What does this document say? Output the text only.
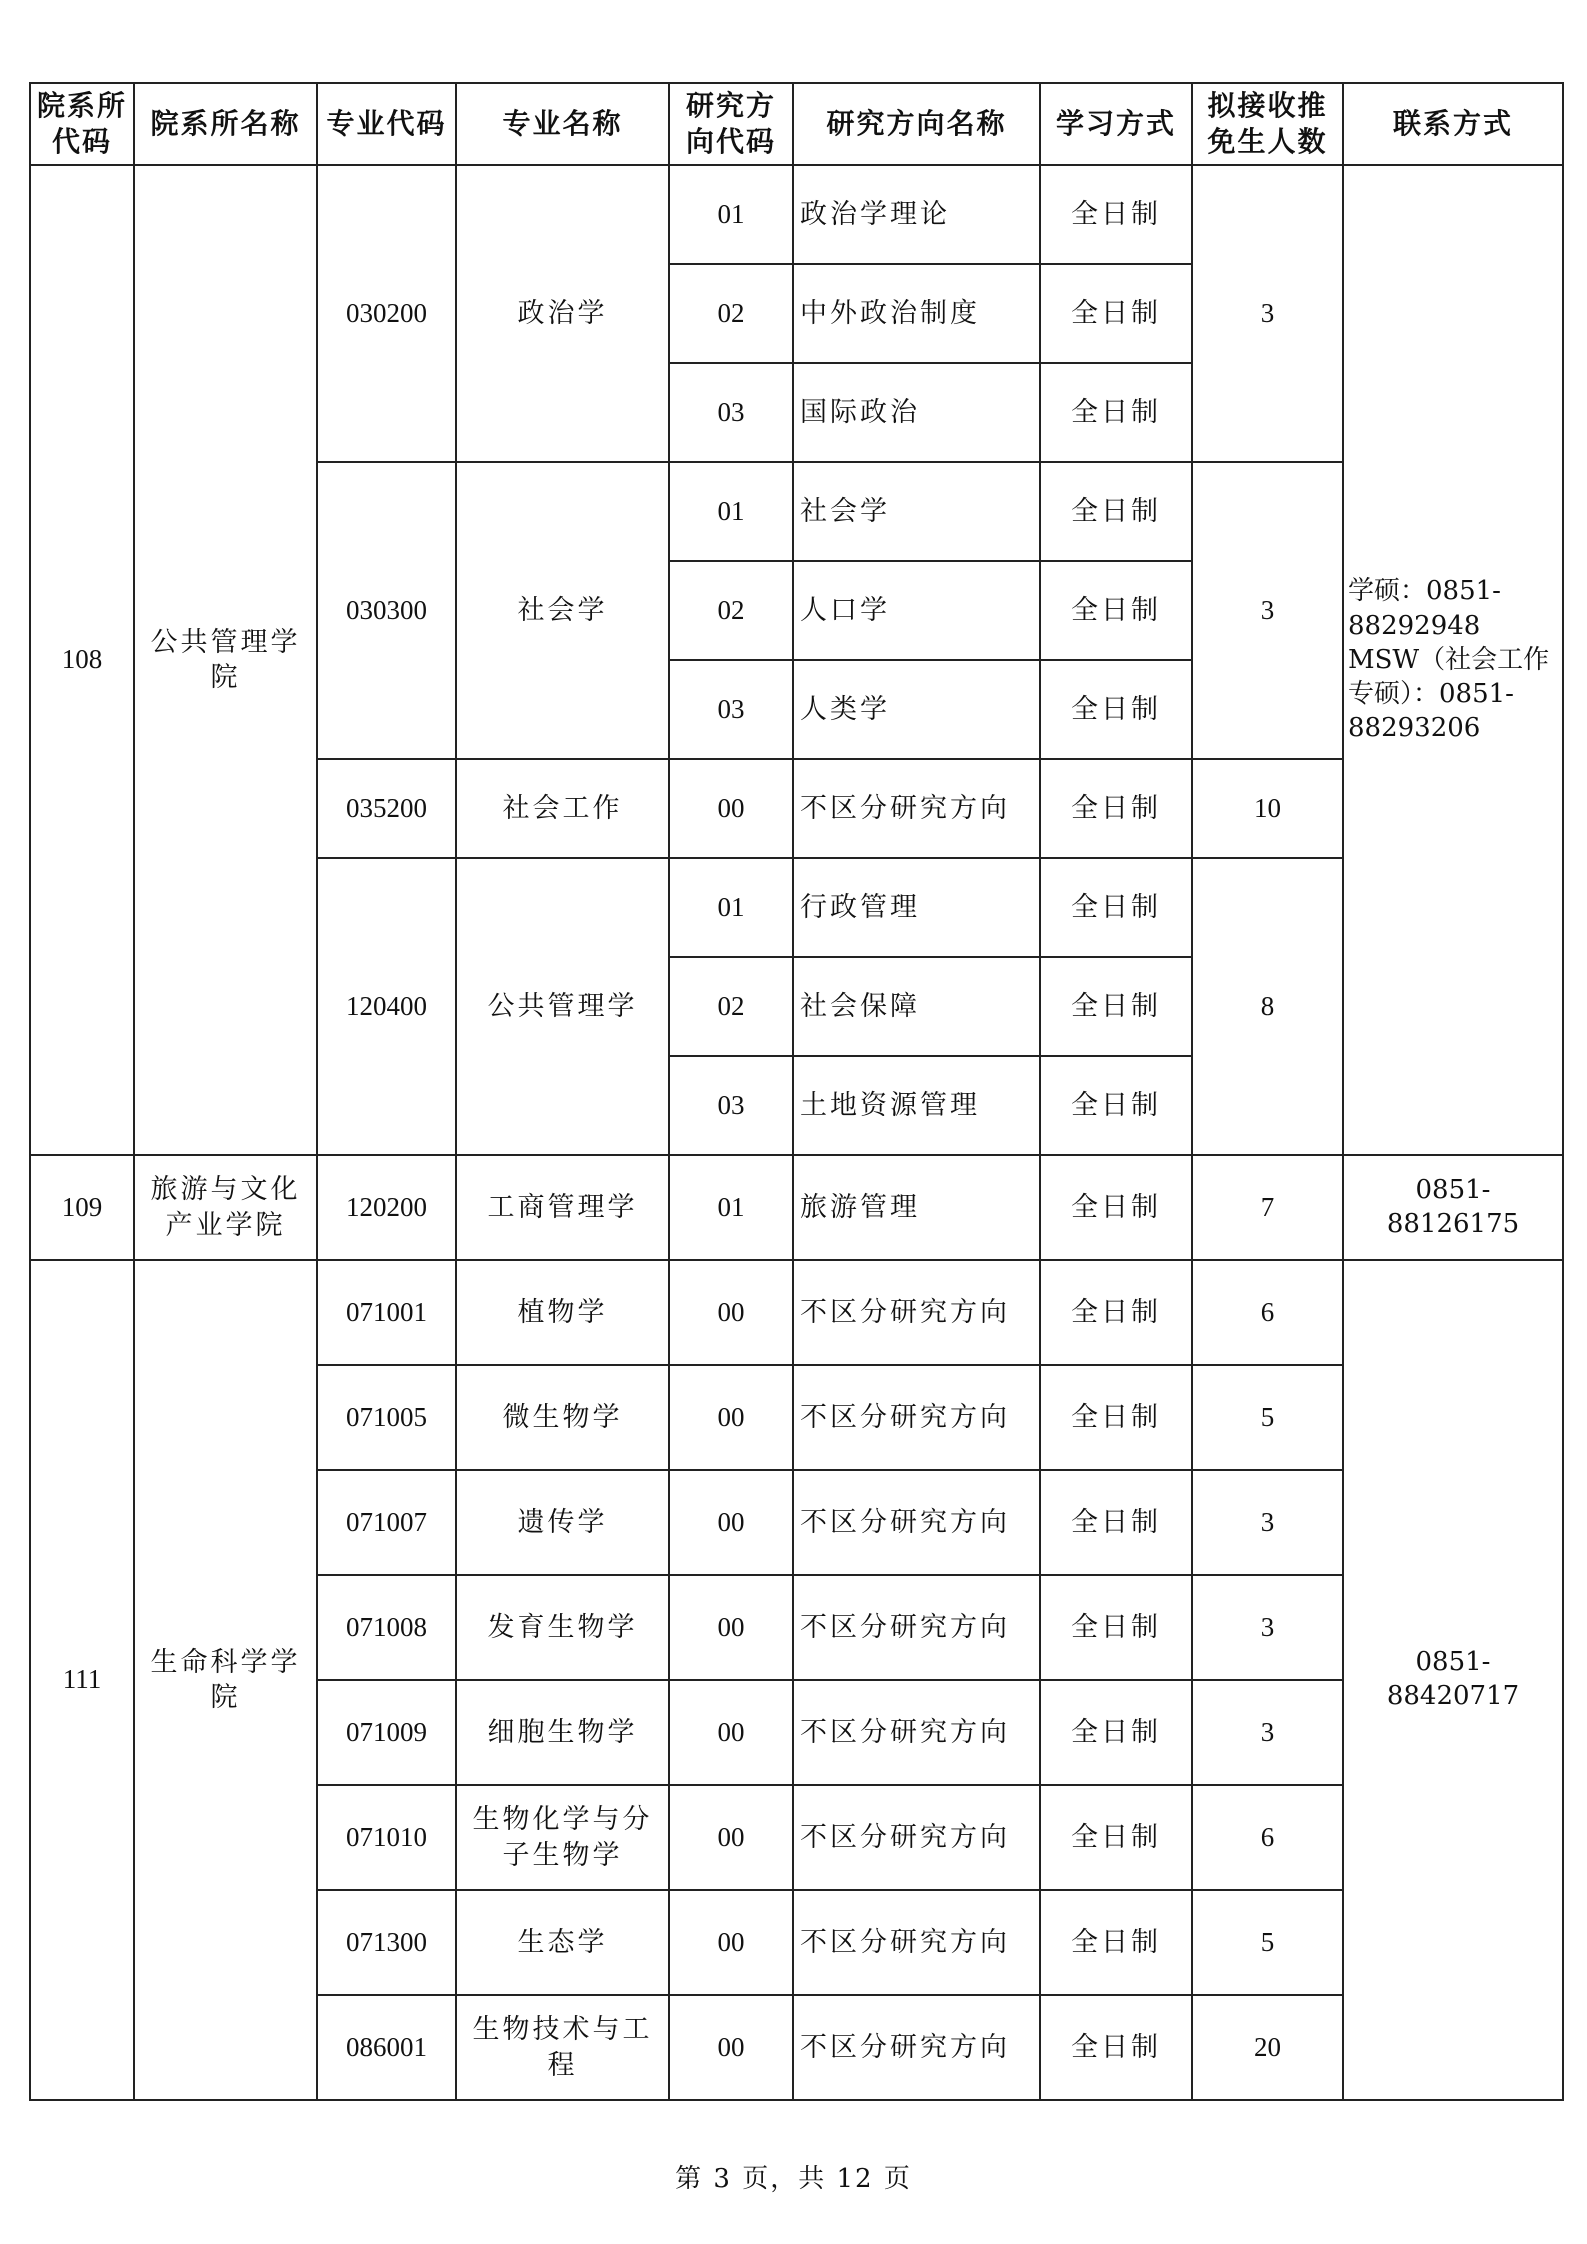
院系所代码	院系所名称	专业代码	专业名称	研究方向代码	研究方向名称	学习方式	拟接收推免生人数	联系方式
108	公共管理学院	030200	政治学	01	政治学理论	全日制	3	学硕：0851-88292948
MSW（社会工作专硕）：0851-88293206
				02	中外政治制度	全日制		
				03	国际政治	全日制		
		030300	社会学	01	社会学	全日制	3	
				02	人口学	全日制		
				03	人类学	全日制		
		035200	社会工作	00	不区分研究方向	全日制	10	
		120400	公共管理学	01	行政管理	全日制	8	
				02	社会保障	全日制		
				03	土地资源管理	全日制		
109	旅游与文化产业学院	120200	工商管理学	01	旅游管理	全日制	7	0851-88126175
111	生命科学学院	071001	植物学	00	不区分研究方向	全日制	6	0851-88420717
		071005	微生物学	00	不区分研究方向	全日制	5	
		071007	遗传学	00	不区分研究方向	全日制	3	
		071008	发育生物学	00	不区分研究方向	全日制	3	
		071009	细胞生物学	00	不区分研究方向	全日制	3	
		071010	生物化学与分子生物学	00	不区分研究方向	全日制	6	
		071300	生态学	00	不区分研究方向	全日制	5	
		086001	生物技术与工程	00	不区分研究方向	全日制	20	
第 3 页，共 12 页
